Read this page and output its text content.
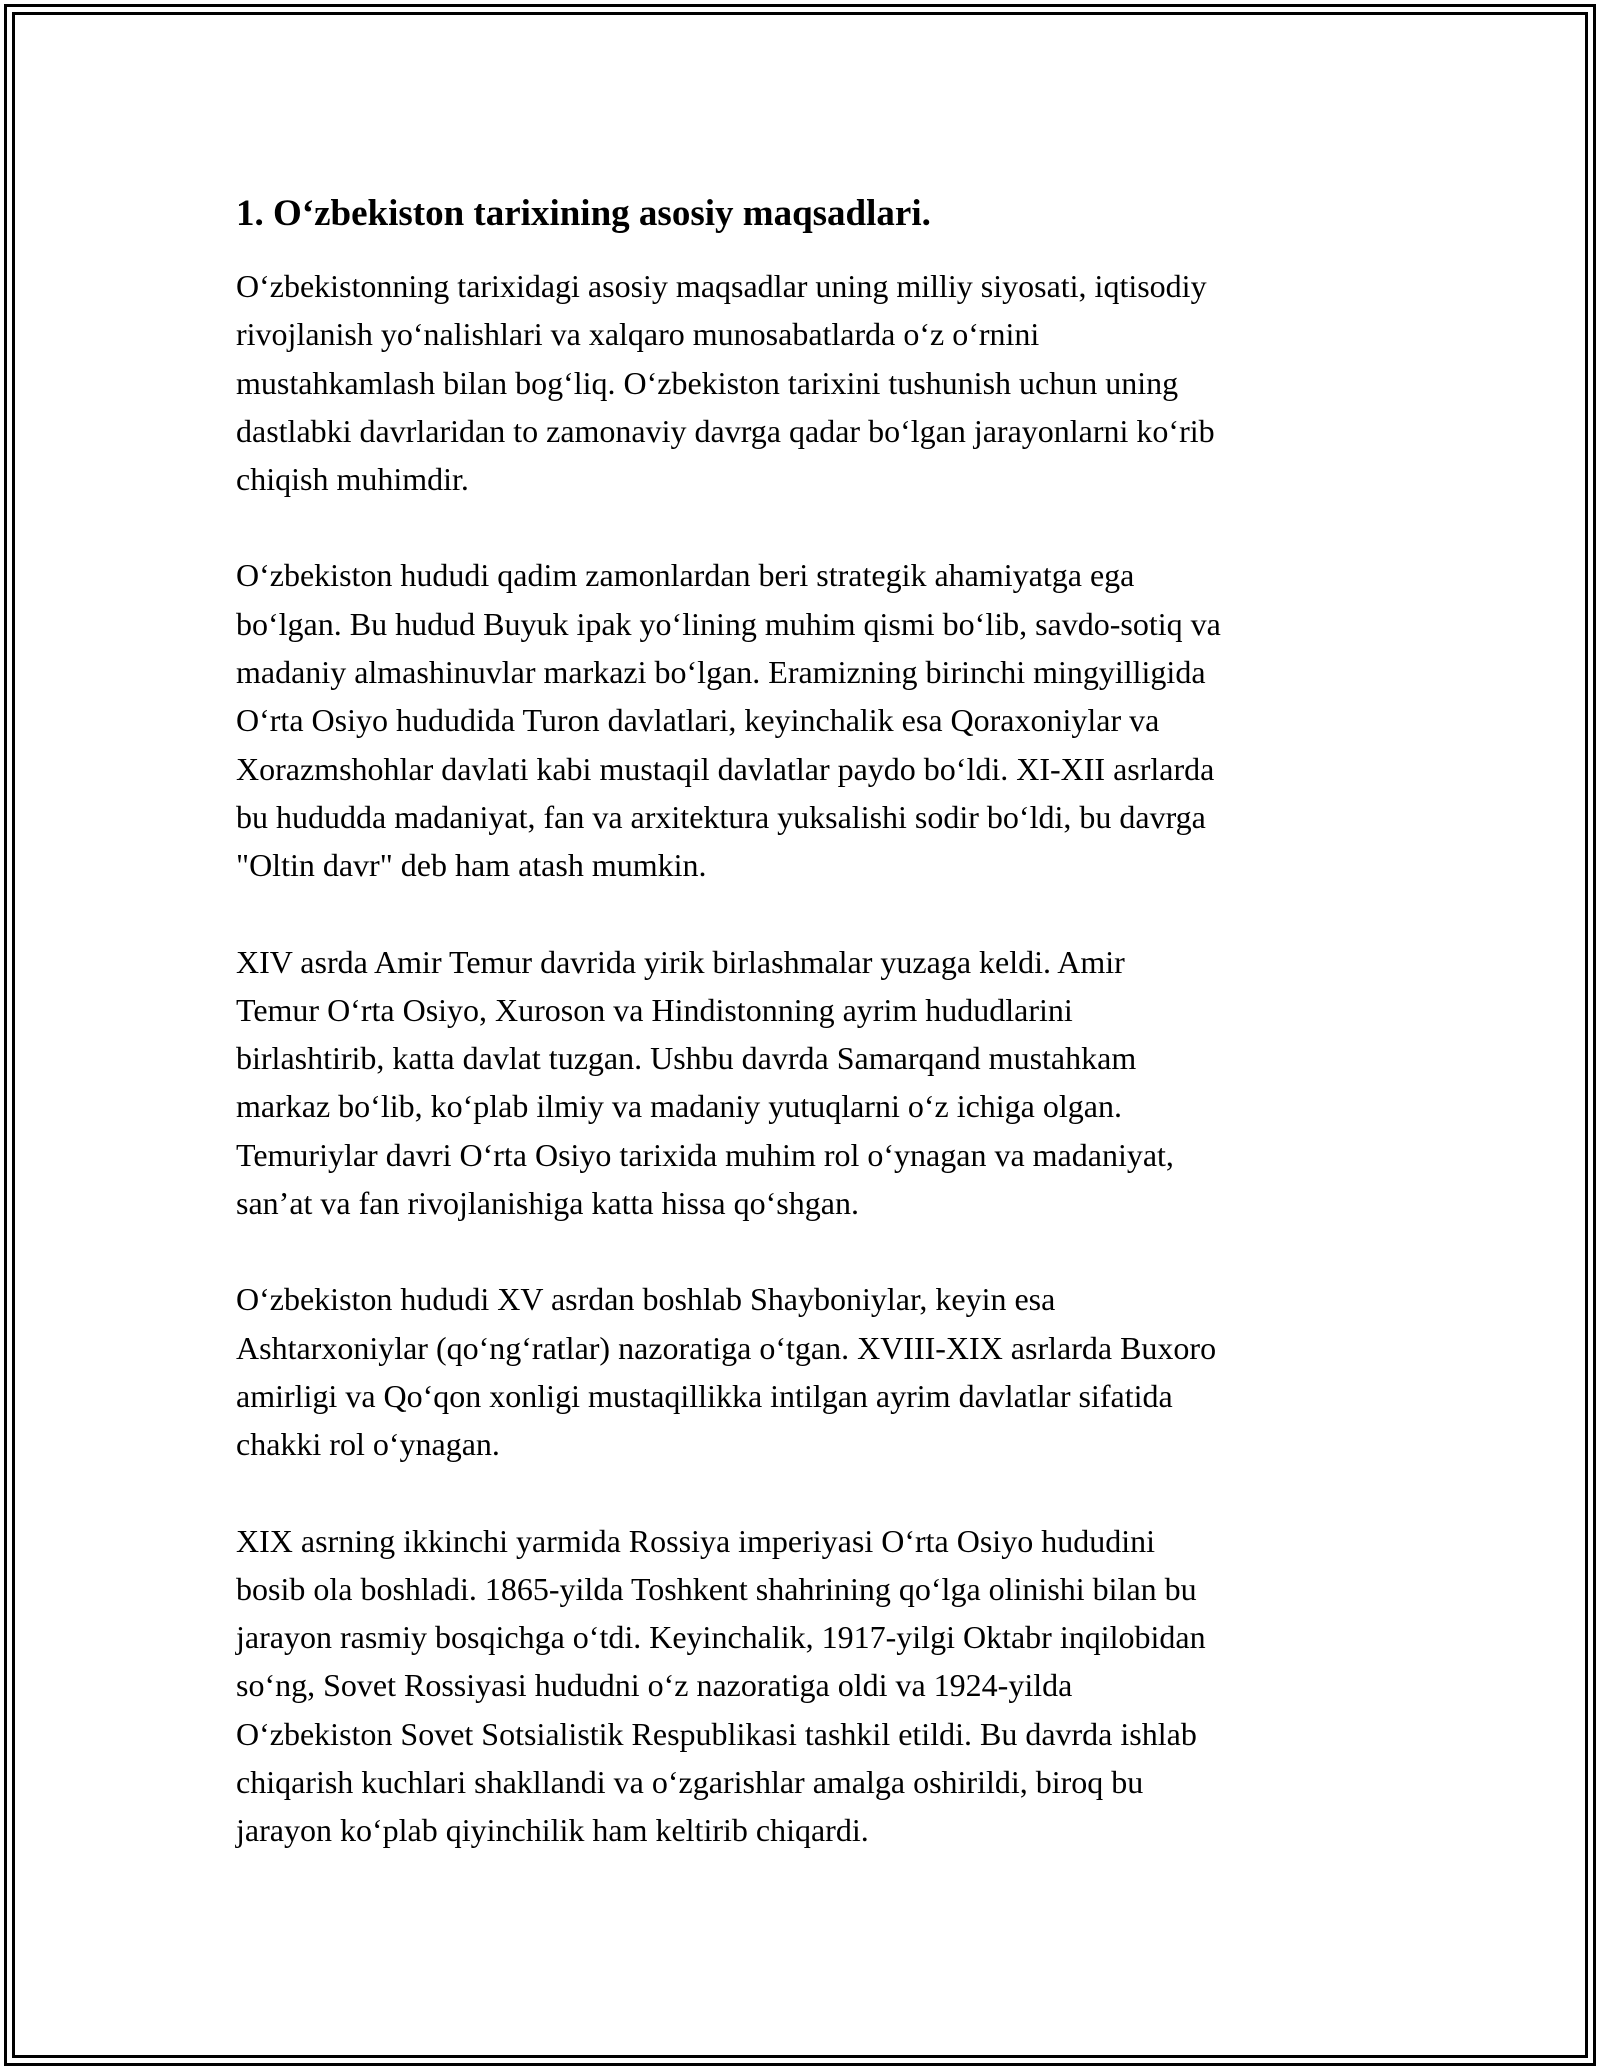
1. O‘zbekiston tarixining asosiy maqsadlari.

O‘zbekistonning tarixidagi asosiy maqsadlar uning milliy siyosati, iqtisodiy
rivojlanish yo‘nalishlari va xalqaro munosabatlarda o‘z o‘rnini
mustahkamlash bilan bog‘liq. O‘zbekiston tarixini tushunish uchun uning
dastlabki davrlaridan to zamonaviy davrga qadar bo‘lgan jarayonlarni ko‘rib
chiqish muhimdir.

O‘zbekiston hududi qadim zamonlardan beri strategik ahamiyatga ega
bo‘lgan. Bu hudud Buyuk ipak yo‘lining muhim qismi bo‘lib, savdo-sotiq va
madaniy almashinuvlar markazi bo‘lgan. Eramizning birinchi mingyilligida
O‘rta Osiyo hududida Turon davlatlari, keyinchalik esa Qoraxoniylar va
Xorazmshohlar davlati kabi mustaqil davlatlar paydo bo‘ldi. XI-XII asrlarda
bu hududda madaniyat, fan va arxitektura yuksalishi sodir bo‘ldi, bu davrga
"Oltin davr" deb ham atash mumkin.

XIV asrda Amir Temur davrida yirik birlashmalar yuzaga keldi. Amir
Temur O‘rta Osiyo, Xuroson va Hindistonning ayrim hududlarini
birlashtirib, katta davlat tuzgan. Ushbu davrda Samarqand mustahkam
markaz bo‘lib, ko‘plab ilmiy va madaniy yutuqlarni o‘z ichiga olgan.
Temuriylar davri O‘rta Osiyo tarixida muhim rol o‘ynagan va madaniyat,
san’at va fan rivojlanishiga katta hissa qo‘shgan.

O‘zbekiston hududi XV asrdan boshlab Shayboniylar, keyin esa
Ashtarxoniylar (qo‘ng‘ratlar) nazoratiga o‘tgan. XVIII-XIX asrlarda Buxoro
amirligi va Qo‘qon xonligi mustaqillikka intilgan ayrim davlatlar sifatida
chakki rol o‘ynagan.

XIX asrning ikkinchi yarmida Rossiya imperiyasi O‘rta Osiyo hududini
bosib ola boshladi. 1865-yilda Toshkent shahrining qo‘lga olinishi bilan bu
jarayon rasmiy bosqichga o‘tdi. Keyinchalik, 1917-yilgi Oktabr inqilobidan
so‘ng, Sovet Rossiyasi hududni o‘z nazoratiga oldi va 1924-yilda
O‘zbekiston Sovet Sotsialistik Respublikasi tashkil etildi. Bu davrda ishlab
chiqarish kuchlari shakllandi va o‘zgarishlar amalga oshirildi, biroq bu
jarayon ko‘plab qiyinchilik ham keltirib chiqardi.
